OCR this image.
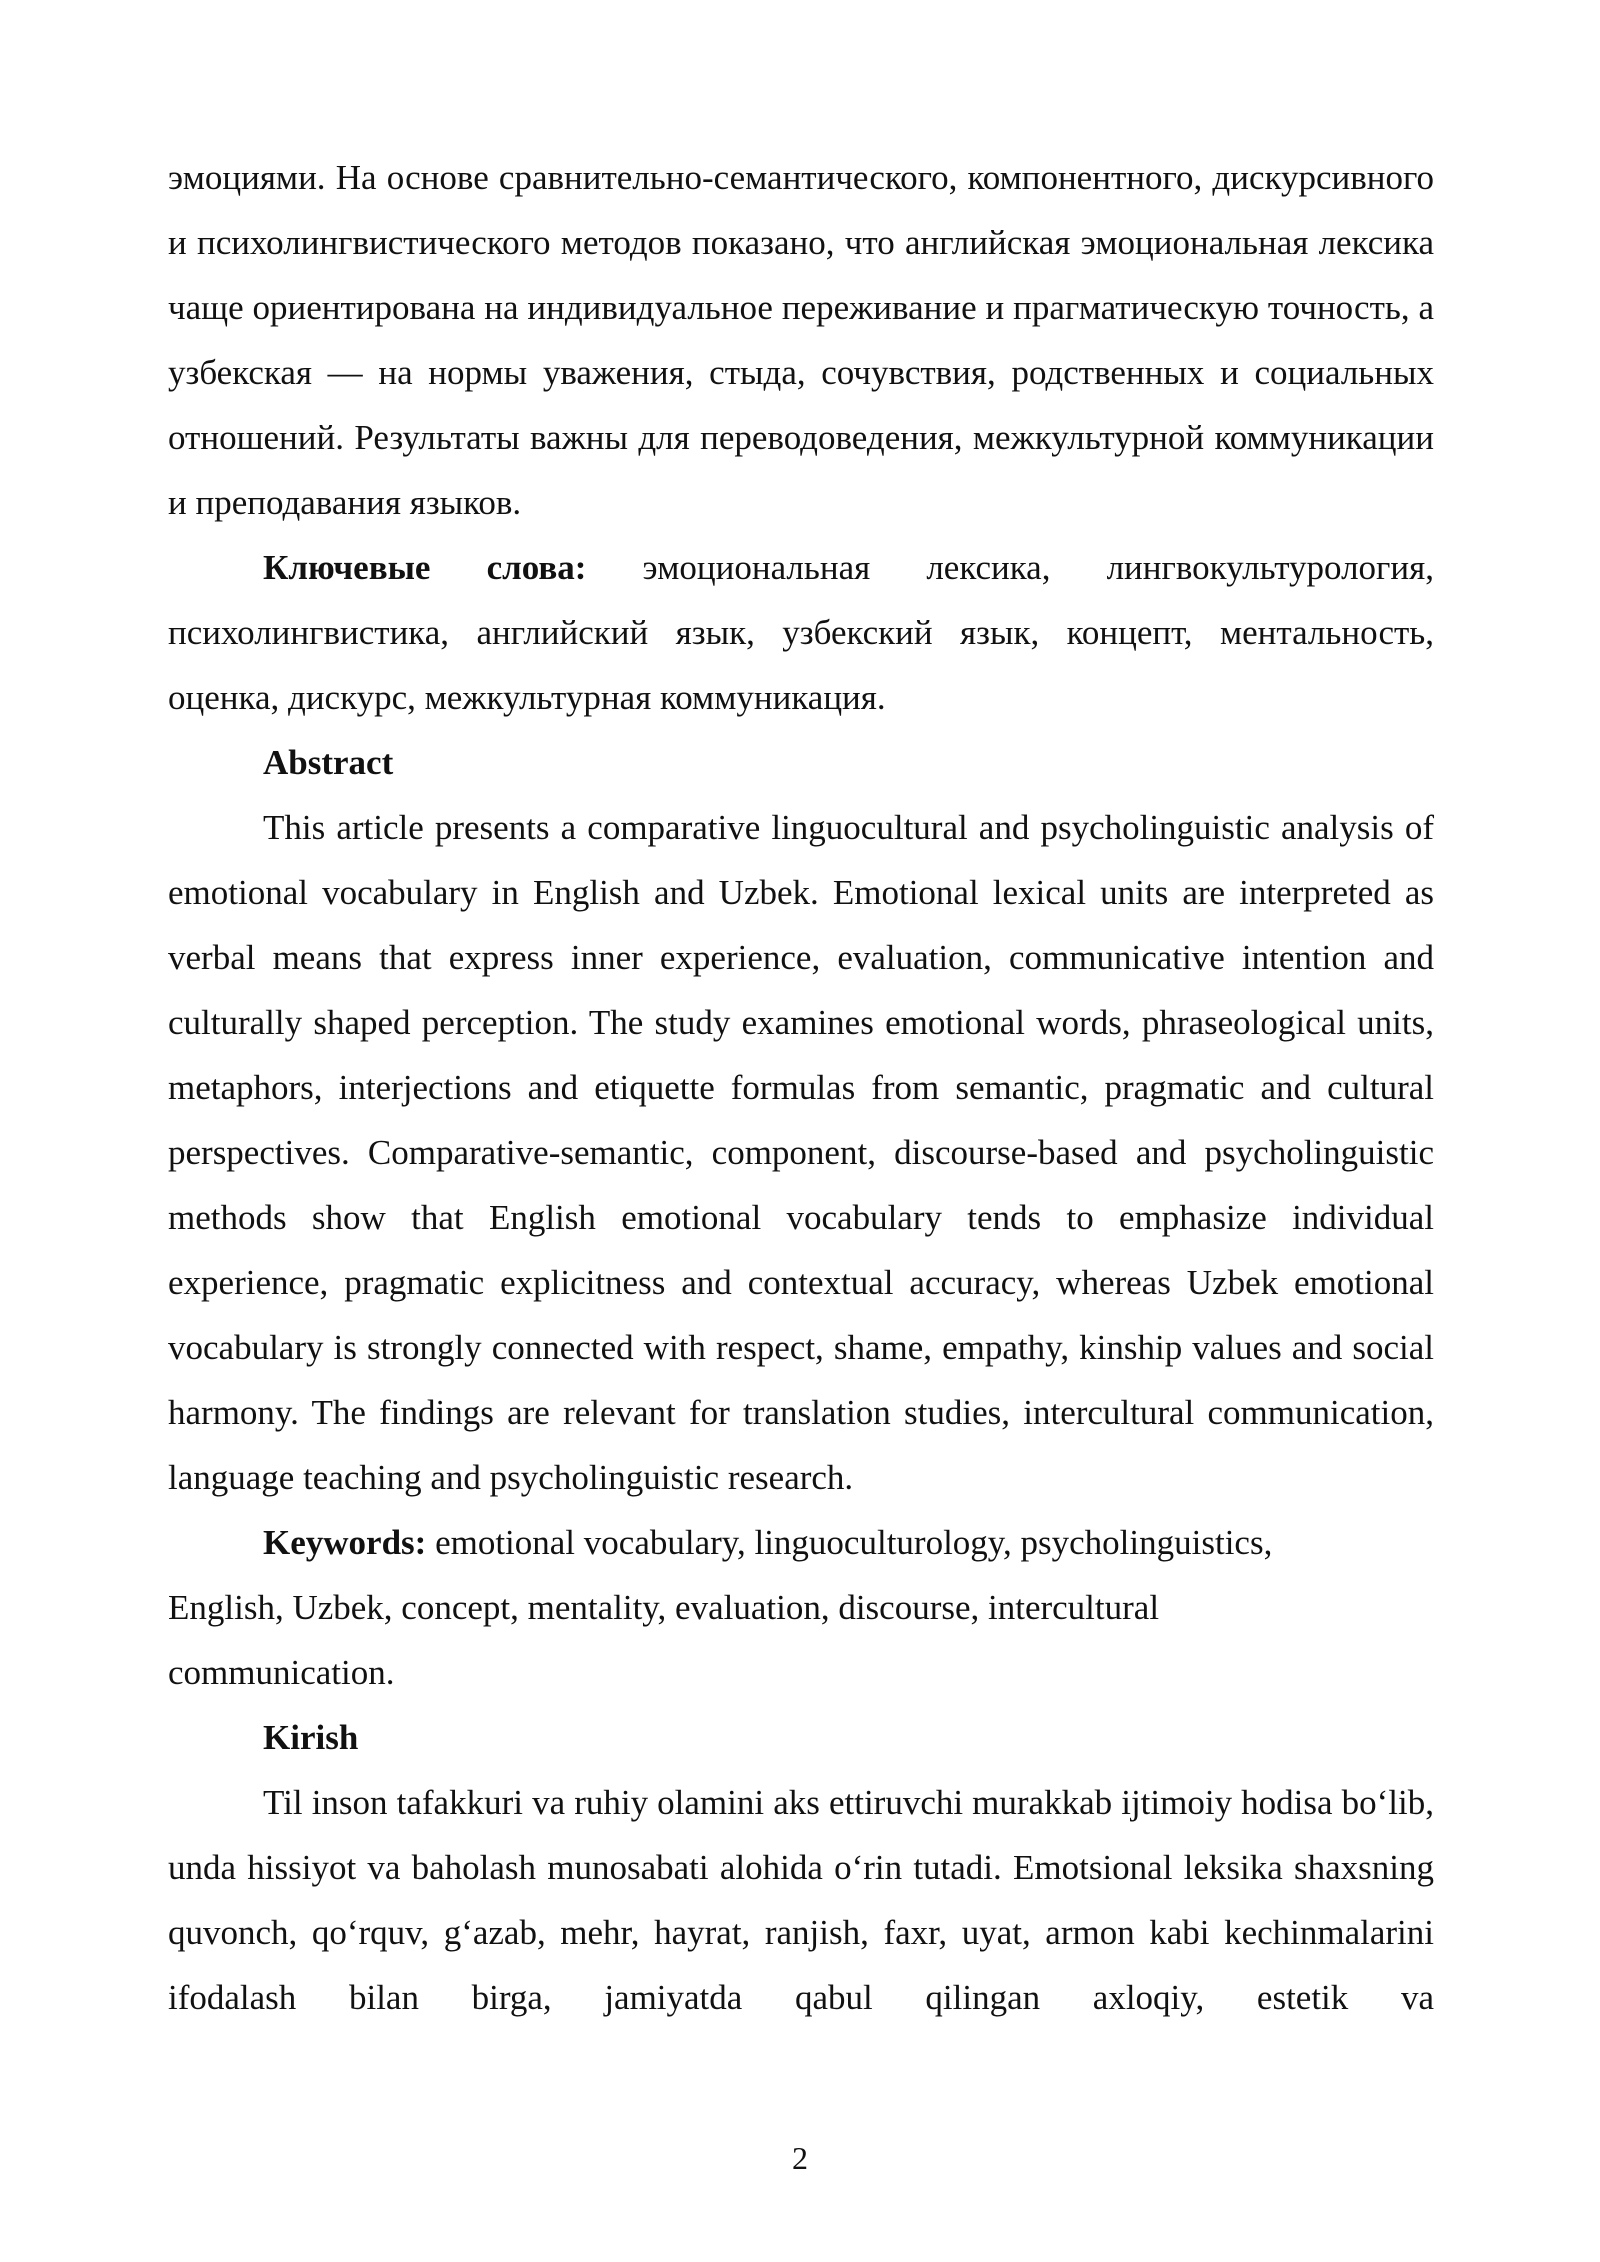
эмоциями. На основе сравнительно-семантического, компонентного, дискурсивного и психолингвистического методов показано, что английская эмоциональная лексика чаще ориентирована на индивидуальное переживание и прагматическую точность, а узбекская — на нормы уважения, стыда, сочувствия, родственных и социальных отношений. Результаты важны для переводоведения, межкультурной коммуникации и преподавания языков.

Ключевые слова: эмоциональная лексика, лингвокультурология, психолингвистика, английский язык, узбекский язык, концепт, ментальность, оценка, дискурс, межкультурная коммуникация.

Abstract

This article presents a comparative linguocultural and psycholinguistic analysis of emotional vocabulary in English and Uzbek. Emotional lexical units are interpreted as verbal means that express inner experience, evaluation, communicative intention and culturally shaped perception. The study examines emotional words, phraseological units, metaphors, interjections and etiquette formulas from semantic, pragmatic and cultural perspectives. Comparative-semantic, component, discourse-based and psycholinguistic methods show that English emotional vocabulary tends to emphasize individual experience, pragmatic explicitness and contextual accuracy, whereas Uzbek emotional vocabulary is strongly connected with respect, shame, empathy, kinship values and social harmony. The findings are relevant for translation studies, intercultural communication, language teaching and psycholinguistic research.

Keywords: emotional vocabulary, linguoculturology, psycholinguistics,
English, Uzbek, concept, mentality, evaluation, discourse, intercultural
communication.

Kirish

Til inson tafakkuri va ruhiy olamini aks ettiruvchi murakkab ijtimoiy hodisa bo‘lib, unda hissiyot va baholash munosabati alohida o‘rin tutadi. Emotsional leksika shaxsning quvonch, qo‘rquv, g‘azab, mehr, hayrat, ranjish, faxr, uyat, armon kabi kechinmalarini ifodalash bilan birga, jamiyatda qabul qilingan axloqiy, estetik va

2
